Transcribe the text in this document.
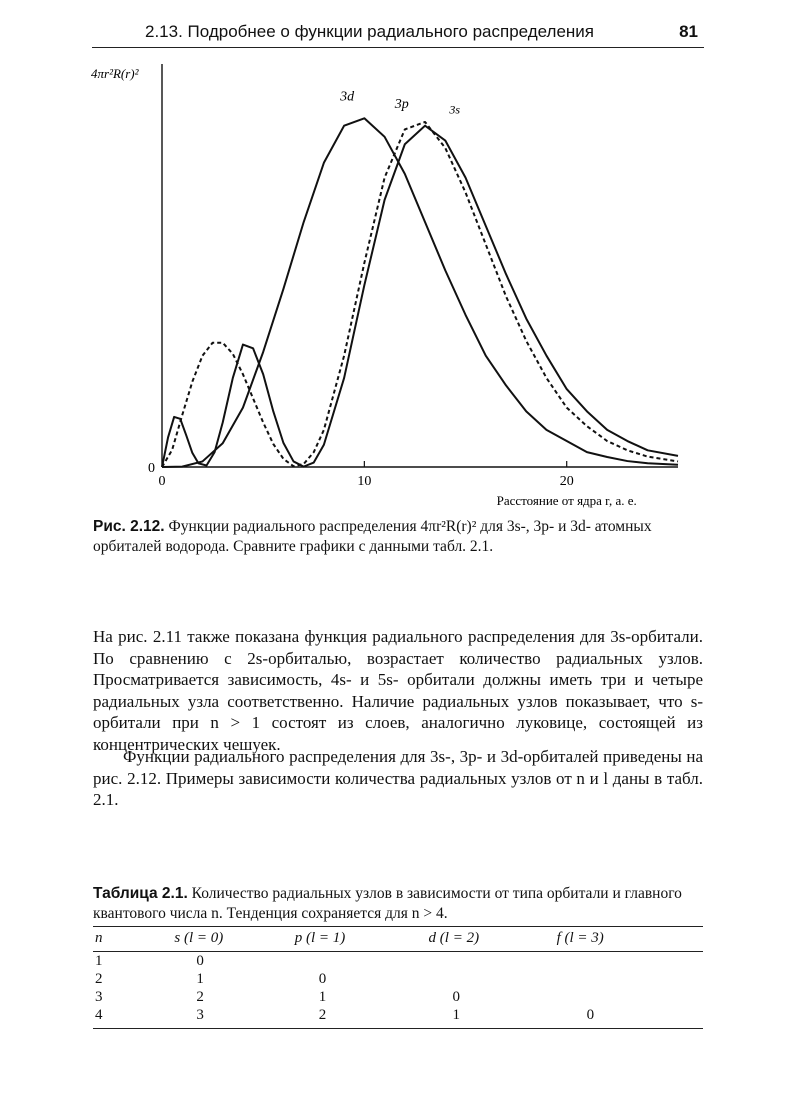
2.13. Подробнее о функции радиального распределения	81
4πr²R(r)²
0	10	20
0
Расстояние от ядра r, а. е.
3d
3p	3s
Рис. 2.12. Функции радиального распределения 4πr²R(r)² для 3s-, 3p- и 3d- атомных орбиталей водорода. Сравните графики с данными табл. 2.1.

На рис. 2.11 также показана функция радиального распределения для 3s-орбитали. По сравнению с 2s-орбиталью, возрастает количество радиальных узлов. Просматривается зависимость, 4s- и 5s- орбитали должны иметь три и четыре радиальных узла соответственно. Наличие радиальных узлов показывает, что s-орбитали при n > 1 состоят из слоев, аналогично луковице, состоящей из концентрических чешуек.

Функции радиального распределения для 3s-, 3p- и 3d-орбиталей приведены на рис. 2.12. Примеры зависимости количества радиальных узлов от n и l даны в табл. 2.1.

Таблица 2.1. Количество радиальных узлов в зависимости от типа орбитали и главного квантового числа n. Тенденция сохраняется для n > 4.
n	s (l = 0)	p (l = 1)	d (l = 2)	f (l = 3)
1	0			
2	1	0		
3	2	1	0	
4	3	2	1	0
